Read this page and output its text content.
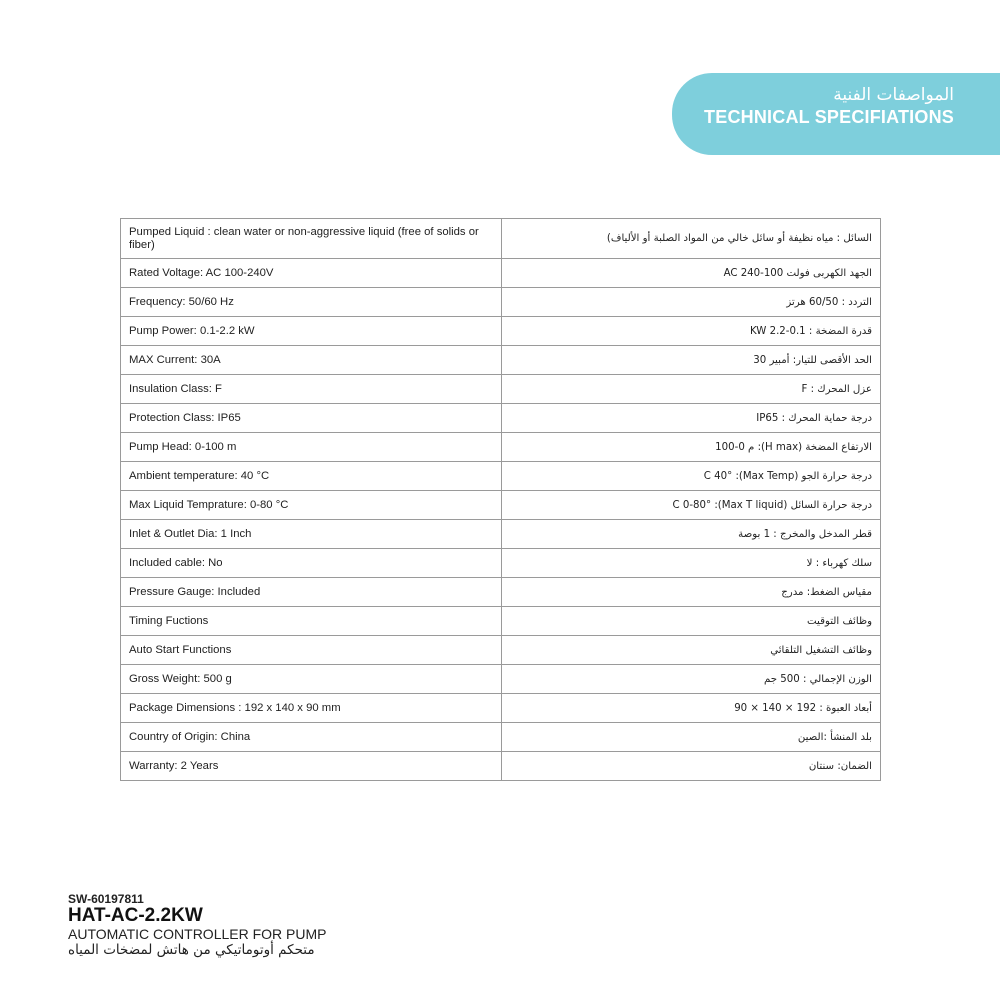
المواصفات الفنية
TECHNICAL SPECIFIATIONS
Pumped Liquid : clean water or non-aggressive liquid (free of solids or fiber)	السائل : مياه نظيفة أو سائل خالي من المواد الصلبة أو الألياف)
Rated Voltage: AC 100-240V	الجهد الكهربى فولت AC 240-100
Frequency: 50/60 Hz	التردد : 60/50 هرتز
Pump Power: 0.1-2.2 kW	قدرة المضخة : KW 2.2-0.1
MAX Current: 30A	الحد الأقصى للتيار: أمبير 30
Insulation Class: F	عزل المحرك : F
Protection Class: IP65	درجة حماية المحرك : IP65
Pump Head: 0-100 m	الارتفاع المضخة (H max): م 0-100
Ambient temperature: 40 °C	درجة حرارة الجو (Max Temp): °C 40
Max Liquid Temprature: 0-80 °C	درجة حرارة السائل (Max T liquid): °C 0-80
Inlet & Outlet Dia: 1 Inch	قطر المدخل والمخرج : 1 بوصة
Included cable: No	سلك كهرباء : لا
Pressure Gauge: Included	مقياس الضغط: مدرج
Timing Fuctions	وظائف التوقيت
Auto Start Functions	وظائف التشغيل التلقائي
Gross Weight: 500 g	الوزن الإجمالي : 500 جم
Package Dimensions : 192 x 140 x 90 mm	أبعاد العبوة : 192 × 140 × 90
Country of Origin: China	بلد المنشأ :الصين
Warranty: 2 Years	الضمان: سنتان
SW-60197811
HAT-AC-2.2KW
AUTOMATIC CONTROLLER FOR PUMP
متحكم أوتوماتيكي من هاتش لمضخات المياه
